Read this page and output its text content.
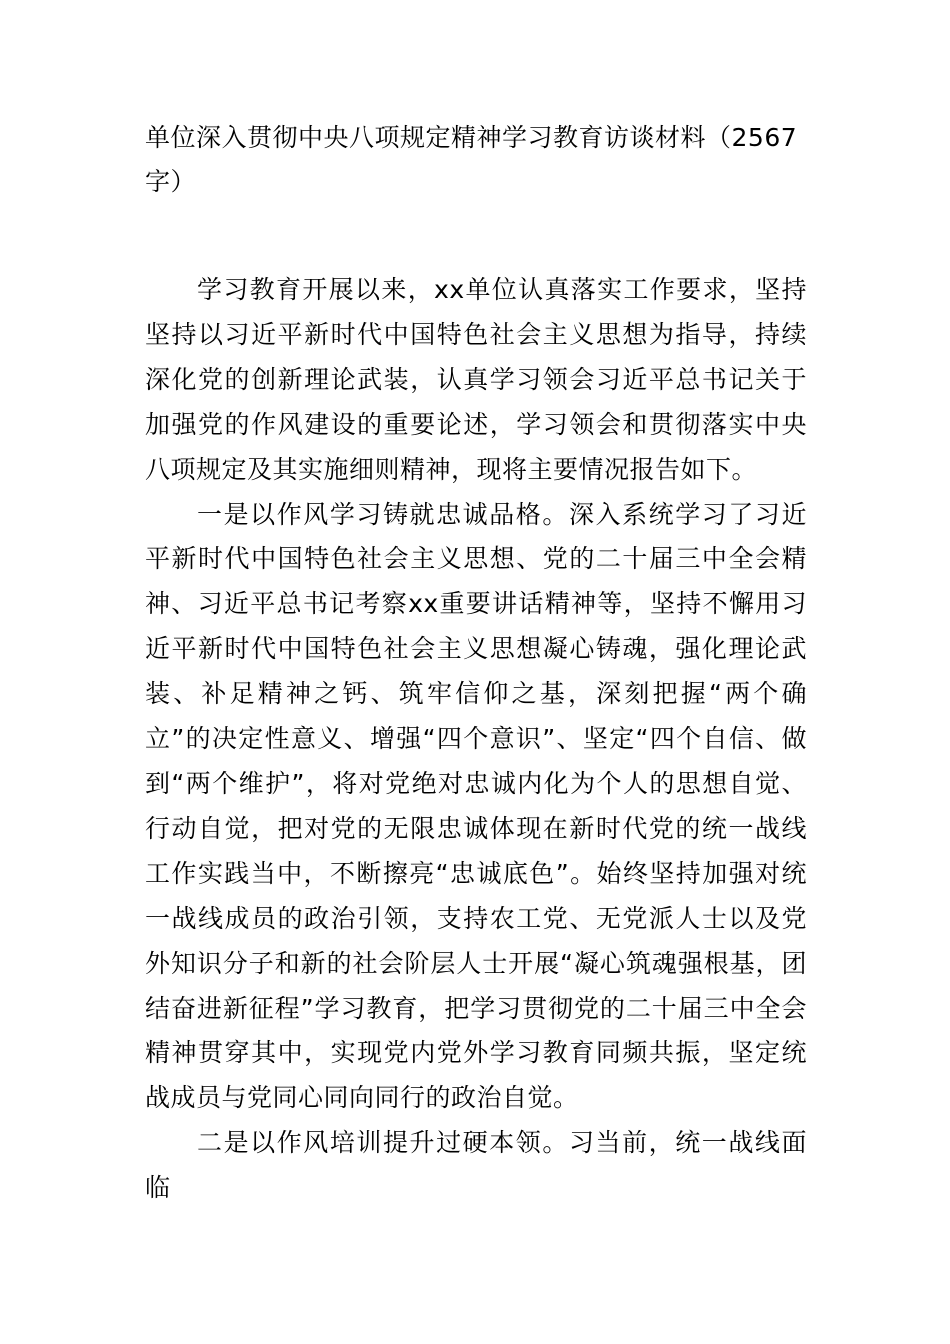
单位深入贯彻中央八项规定精神学习教育访谈材料（2567字）

学习教育开展以来，xx单位认真落实工作要求，坚持坚持以习近平新时代中国特色社会主义思想为指导，持续深化党的创新理论武装，认真学习领会习近平总书记关于加强党的作风建设的重要论述，学习领会和贯彻落实中央八项规定及其实施细则精神，现将主要情况报告如下。

一是以作风学习铸就忠诚品格。深入系统学习了习近平新时代中国特色社会主义思想、党的二十届三中全会精神、习近平总书记考察xx重要讲话精神等，坚持不懈用习近平新时代中国特色社会主义思想凝心铸魂，强化理论武装、补足精神之钙、筑牢信仰之基，深刻把握“两个确立”的决定性意义、增强“四个意识”、坚定“四个自信、做到“两个维护”，将对党绝对忠诚内化为个人的思想自觉、行动自觉，把对党的无限忠诚体现在新时代党的统一战线工作实践当中，不断擦亮“忠诚底色”。始终坚持加强对统一战线成员的政治引领，支持农工党、无党派人士以及党外知识分子和新的社会阶层人士开展“凝心筑魂强根基，团结奋进新征程”学习教育，把学习贯彻党的二十届三中全会精神贯穿其中，实现党内党外学习教育同频共振，坚定统战成员与党同心同向同行的政治自觉。

二是以作风培训提升过硬本领。习当前，统一战线面临
